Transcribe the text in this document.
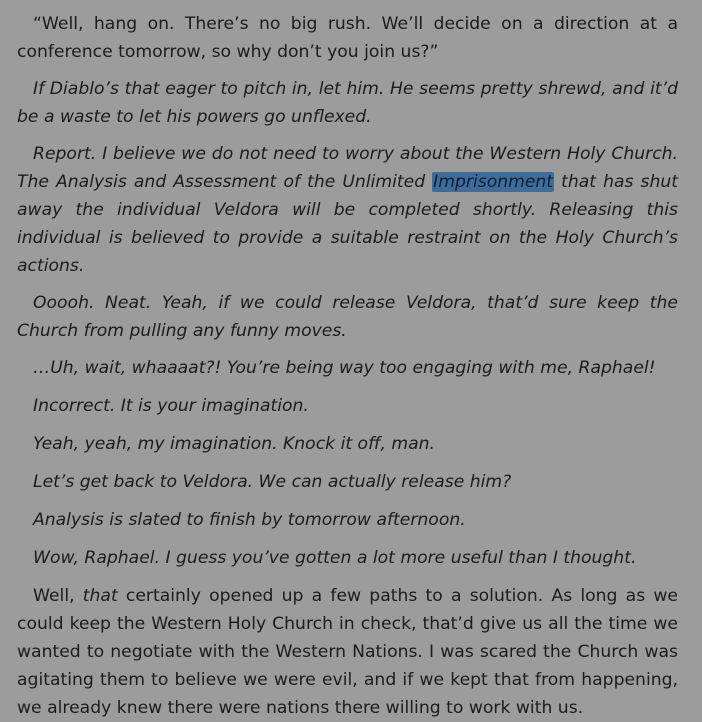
“Well, hang on. There’s no big rush. We’ll decide on a direction at a conference tomorrow, so why don’t you join us?”

If Diablo’s that eager to pitch in, let him. He seems pretty shrewd, and it’d be a waste to let his powers go unflexed.

Report. I believe we do not need to worry about the Western Holy Church. The Analysis and Assessment of the Unlimited Imprisonment that has shut away the individual Veldora will be completed shortly. Releasing this individual is believed to provide a suitable restraint on the Holy Church’s actions.

Ooooh. Neat. Yeah, if we could release Veldora, that’d sure keep the Church from pulling any funny moves.

…Uh, wait, whaaaat?! You’re being way too engaging with me, Raphael!

Incorrect. It is your imagination.

Yeah, yeah, my imagination. Knock it off, man.

Let’s get back to Veldora. We can actually release him?

Analysis is slated to finish by tomorrow afternoon.

Wow, Raphael. I guess you’ve gotten a lot more useful than I thought.

Well, that certainly opened up a few paths to a solution. As long as we could keep the Western Holy Church in check, that’d give us all the time we wanted to negotiate with the Western Nations. I was scared the Church was agitating them to believe we were evil, and if we kept that from happening, we already knew there were nations there willing to work with us.
